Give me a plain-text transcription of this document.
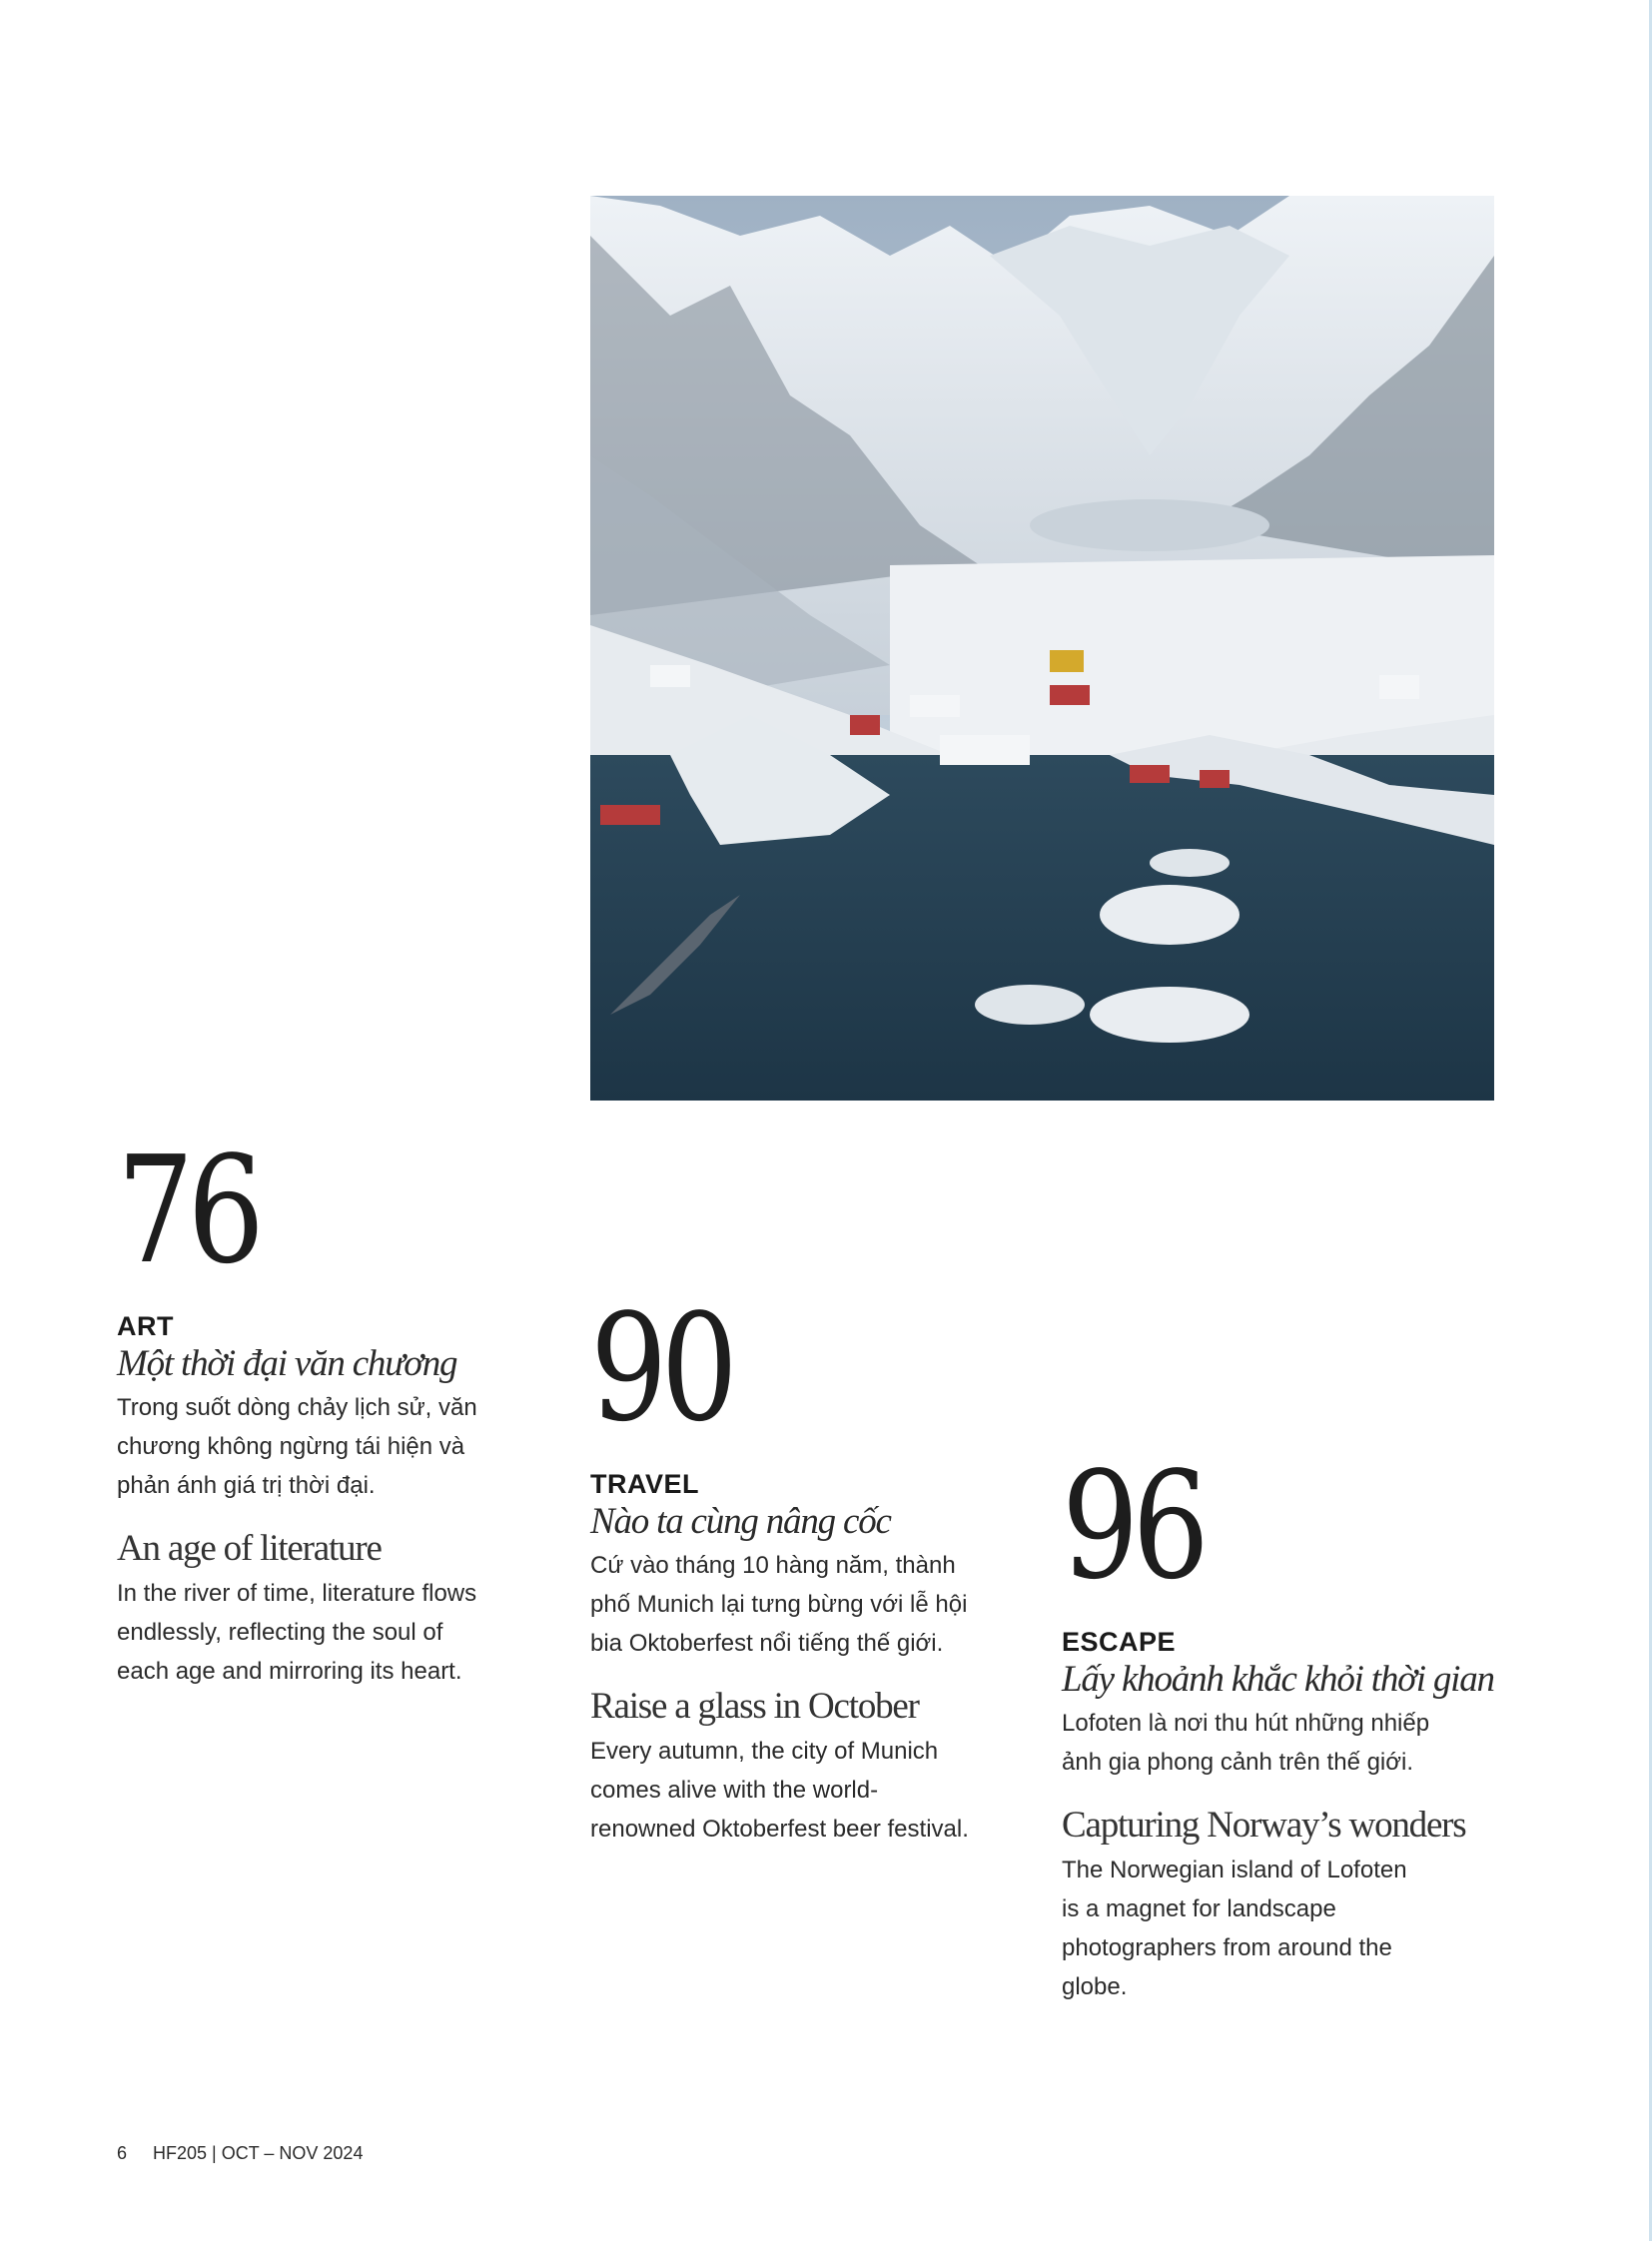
76
ART
Một thời đại văn chương
Trong suốt dòng chảy lịch sử, văn
chương không ngừng tái hiện và
phản ánh giá trị thời đại.
An age of literature
In the river of time, literature flows
endlessly, reflecting the soul of
each age and mirroring its heart.
90
TRAVEL
Nào ta cùng nâng cốc
Cứ vào tháng 10 hàng năm, thành
phố Munich lại tưng bừng với lễ hội
bia Oktoberfest nổi tiếng thế giới.
Raise a glass in October
Every autumn, the city of Munich
comes alive with the world-
renowned Oktoberfest beer festival.
96
ESCAPE
Lấy khoảnh khắc khỏi thời gian
Lofoten là nơi thu hút những nhiếp
ảnh gia phong cảnh trên thế giới.
Capturing Norway’s wonders
The Norwegian island of Lofoten
is a magnet for landscape
photographers from around the
globe.
6 HF205 | OCT – NOV 2024
